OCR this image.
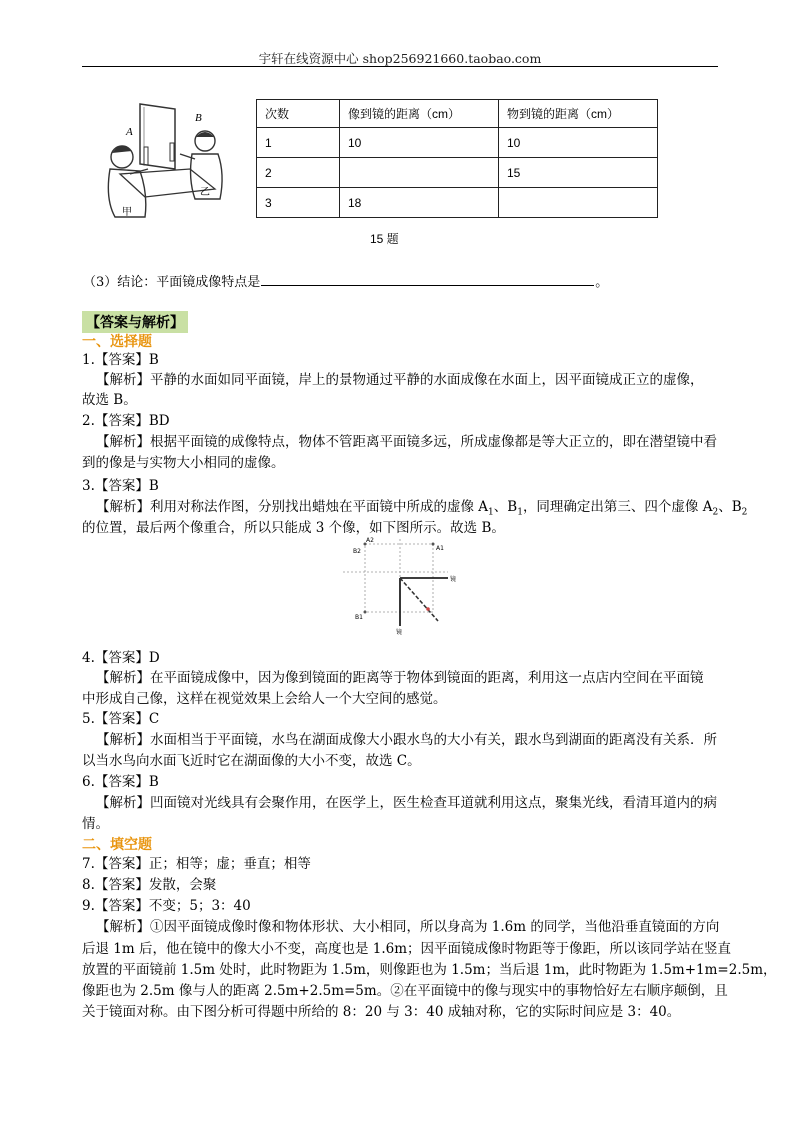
宇轩在线资源中心 shop256921660.taobao.com
A
B
甲
乙
次数	像到镜的距离（cm）	物到镜的距离（cm）
1	10	10
2		15
3	18	
15 题
（3）结论：平面镜成像特点是	。
【答案与解析】
一、选择题
1.【答案】B
【解析】平静的水面如同平面镜，岸上的景物通过平静的水面成像在水面上，因平面镜成正立的虚像，
故选 B。
2.【答案】BD
【解析】根据平面镜的成像特点，物体不管距离平面镜多远，所成虚像都是等大正立的，即在潜望镜中看
到的像是与实物大小相同的虚像。
3.【答案】B
【解析】利用对称法作图，分别找出蜡烛在平面镜中所成的虚像 $A_1$、$B_1$，同理确定出第三、四个虚像 $A_2$、$B_2$
的位置，最后两个像重合，所以只能成 3 个像，如下图所示。故选 B。
A2
B2	A1
B1
镜
镜
4.【答案】D
【解析】在平面镜成像中，因为像到镜面的距离等于物体到镜面的距离，利用这一点店内空间在平面镜
中形成自己像，这样在视觉效果上会给人一个大空间的感觉。
5.【答案】C
【解析】水面相当于平面镜，水鸟在湖面成像大小跟水鸟的大小有关，跟水鸟到湖面的距离没有关系．所
以当水鸟向水面飞近时它在湖面像的大小不变，故选 C。
6.【答案】B
【解析】凹面镜对光线具有会聚作用，在医学上，医生检查耳道就利用这点，聚集光线，看清耳道内的病
情。
二、填空题
7.【答案】正；相等；虚；垂直；相等
8.【答案】发散，会聚
9.【答案】不变；5；3：40
【解析】①因平面镜成像时像和物体形状、大小相同，所以身高为 1.6m 的同学，当他沿垂直镜面的方向
后退 1m 后，他在镜中的像大小不变，高度也是 1.6m；因平面镜成像时物距等于像距，所以该同学站在竖直
放置的平面镜前 1.5m 处时，此时物距为 1.5m，则像距也为 1.5m；当后退 1m，此时物距为 1.5m+1m=2.5m，
像距也为 2.5m 像与人的距离 2.5m+2.5m=5m。②在平面镜中的像与现实中的事物恰好左右顺序颠倒，且
关于镜面对称。由下图分析可得题中所给的 8：20 与 3：40 成轴对称，它的实际时间应是 3：40。
